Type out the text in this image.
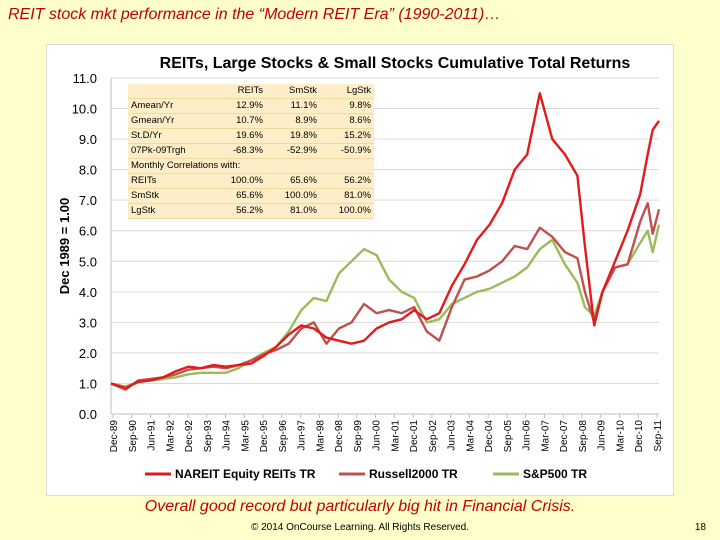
REIT stock mkt performance in the “Modern REIT Era” (1990-2011)…
REITs, Large Stocks & Small Stocks Cumulative Total Returns
0.0
1.0
2.0
3.0
4.0
5.0
6.0
7.0
8.0
9.0
10.0
11.0
Dec 1989 = 1.00
Dec-89 Sep-90 Jun-91 Mar-92 Dec-92 Sep-93 Jun-94 Mar-95 Dec-95 Sep-96 Jun-97 Mar-98 Dec-98 Sep-99 Jun-00 Mar-01 Dec-01 Sep-02 Jun-03 Mar-04 Dec-04 Sep-05 Jun-06 Mar-07 Dec-07 Sep-08 Jun-09 Mar-10 Dec-10 Sep-11
NAREIT Equity REITs TR	Russell2000 TR	S&P500 TR
	REITs	SmStk	LgStk
Amean/Yr	12.9%	11.1%	9.8%
Gmean/Yr	10.7%	8.9%	8.6%
St.D/Yr	19.6%	19.8%	15.2%
07Pk-09Trgh	-68.3%	-52.9%	-50.9%
Monthly Correlations with:			
REITs	100.0%	65.6%	56.2%
SmStk	65.6%	100.0%	81.0%
LgStk	56.2%	81.0%	100.0%
Overall good record but particularly big hit in Financial Crisis.
© 2014 OnCourse Learning. All Rights Reserved.	18
